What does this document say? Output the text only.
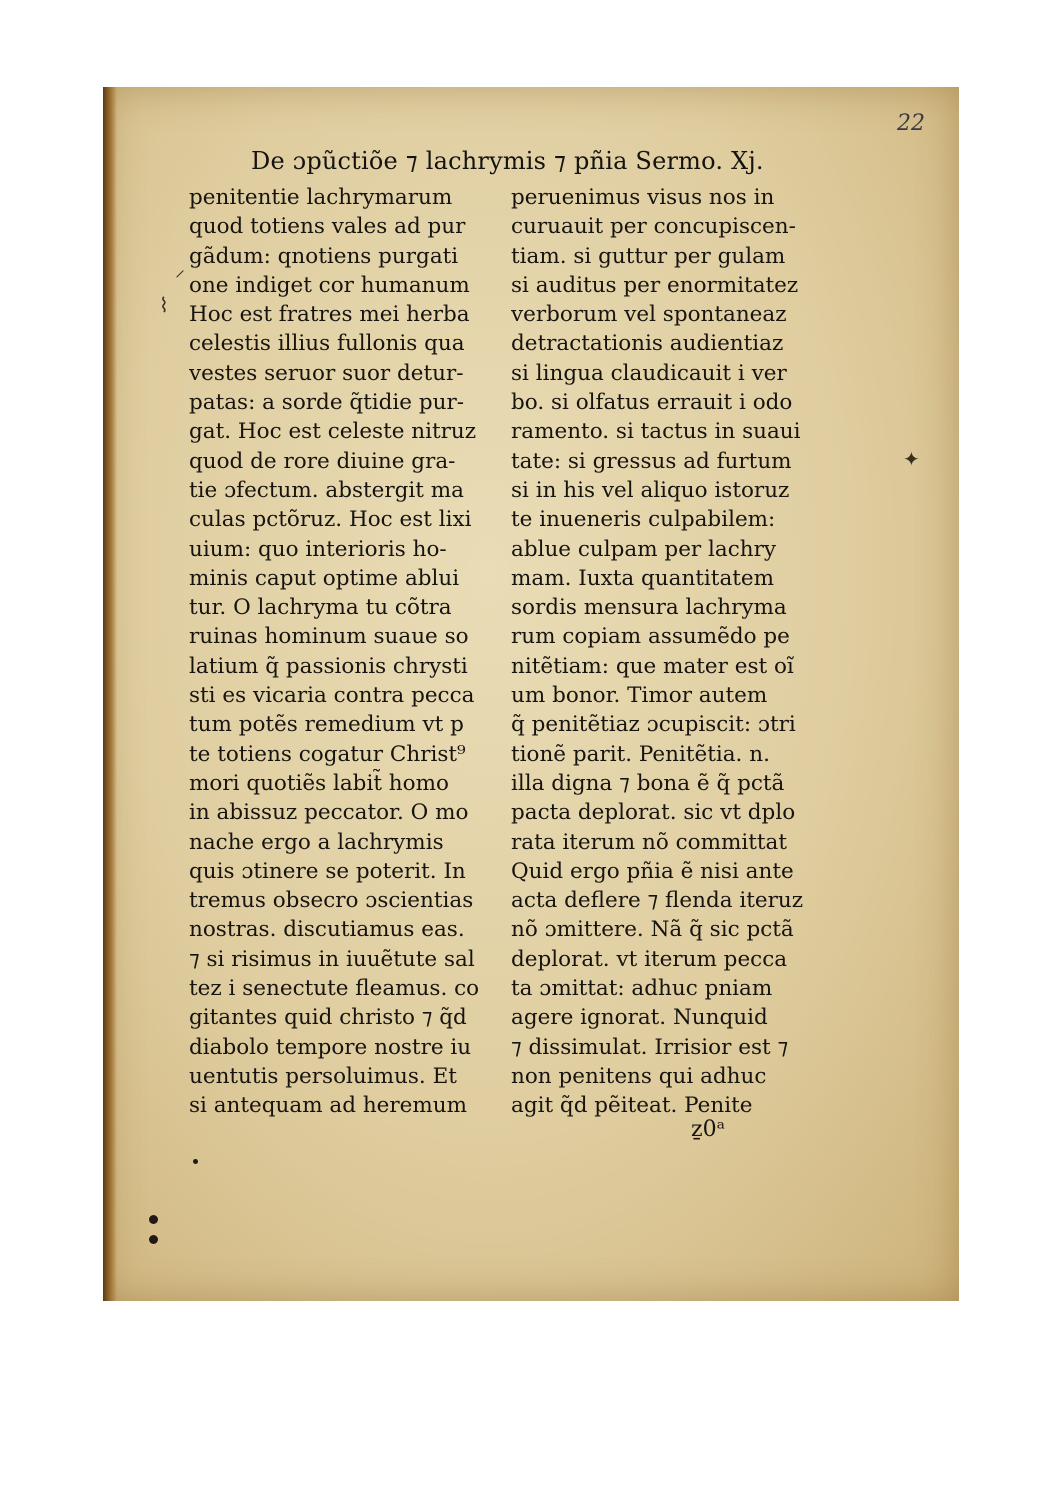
22
De ɔpũctiõe ⁊ lachrymis ⁊ pñia Sermo. Xj.
penitentie lachrymarum
quod totiens vales ad pur
gãdum: qnotiens purgati
one indiget cor humanum
Hoc est fratres mei herba
celestis illius fullonis qua
vestes seruor suor detur-
patas: a sorde q̃tidie pur-
gat. Hoc est celeste nitruz
quod de rore diuine gra-
tie ɔfectum. abstergit ma
culas pctõruz. Hoc est lixi
uium: quo interioris ho-
minis caput optime ablui
tur. O lachryma tu cõtra
ruinas hominum suaue so
latium q̃ passionis chrysti
sti es vicaria contra pecca
tum potẽs remedium vt p
te totiens cogatur Christ⁹
mori quotiẽs labit̃ homo
in abissuz peccator. O mo
nache ergo a lachrymis
quis ɔtinere se poterit. In
tremus obsecro ɔscientias
nostras. discutiamus eas.
⁊ si risimus in iuuẽtute sal
tez i senectute fleamus. co
gitantes quid christo ⁊ q̃d
diabolo tempore nostre iu
uentutis persoluimus. Et
si antequam ad heremum
peruenimus visus nos in
curuauit per concupiscen-
tiam. si guttur per gulam
si auditus per enormitatez
verborum vel spontaneaz
detractationis audientiaz
si lingua claudicauit i ver
bo. si olfatus errauit i odo
ramento. si tactus in suaui
tate: si gressus ad furtum
si in his vel aliquo istoruz
te inueneris culpabilem:
ablue culpam per lachry
mam. Iuxta quantitatem
sordis mensura lachryma
rum copiam assumẽdo pe
nitẽtiam: que mater est oĩ
um bonor. Timor autem
q̃ penitẽtiaz ɔcupiscit: ɔtri
tionẽ parit. Penitẽtia. n.
illa digna ⁊ bona ẽ q̃ pctã
pacta deplorat. sic vt dplo
rata iterum nõ committat
Quid ergo pñia ẽ nisi ante
acta deflere ⁊ flenda iteruz
nõ ɔmittere. Nã q̃ sic pctã
deplorat. vt iterum pecca
ta ɔmittat: adhuc pniam
agere ignorat. Nunquid
⁊ dissimulat. Irrisior est ⁊
non penitens qui adhuc
agit q̃d pẽiteat. Penite
ẕ0ᵃ
⌇
⸝
✦
